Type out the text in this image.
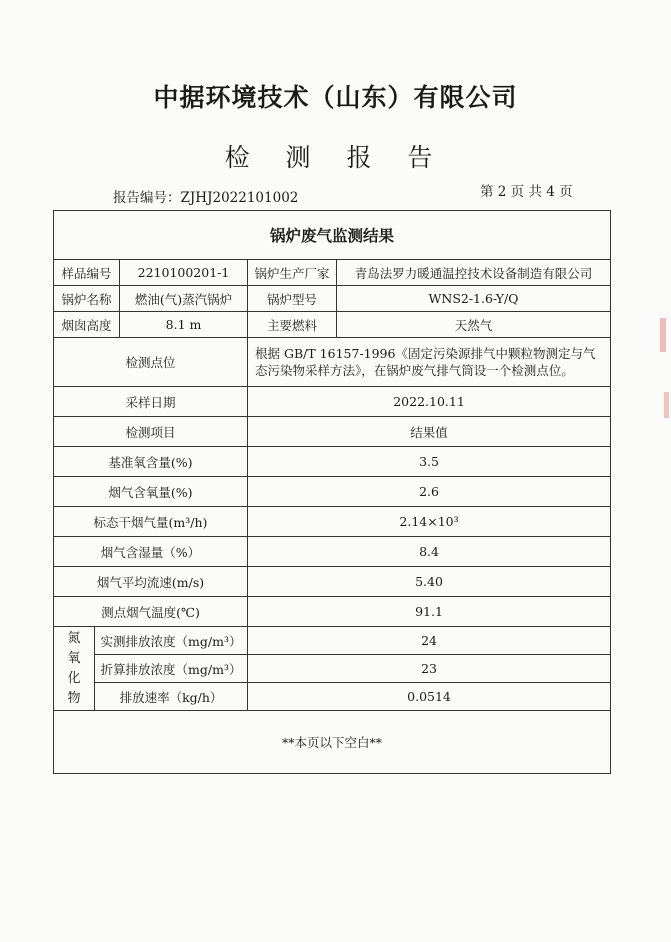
中据环境技术（山东）有限公司
检 测 报 告
报告编号：ZJHJ2022101002	第 2 页 共 4 页
锅炉废气监测结果				
样品编号		2210100201-1	锅炉生产厂家	青岛法罗力暖通温控技术设备制造有限公司
锅炉名称		燃油(气)蒸汽锅炉	锅炉型号	WNS2-1.6-Y/Q
烟囱高度		8.1 m	主要燃料	天然气
检测点位			根据 GB/T 16157-1996《固定污染源排气中颗粒物测定与气态污染物采样方法》，在锅炉废气排气筒设一个检测点位。	
采样日期			2022.10.11	
检测项目			结果值	
基准氧含量(%)			3.5	
烟气含氧量(%)			2.6	
标态干烟气量(m³/h)			2.14×10³	
烟气含湿量（%）			8.4	
烟气平均流速(m/s)			5.40	
测点烟气温度(℃)			91.1	
氮
氧
化
物	实测排放浓度（mg/m³）		24	
	折算排放浓度（mg/m³）		23	
	排放速率（kg/h）		0.0514	
**本页以下空白**				
